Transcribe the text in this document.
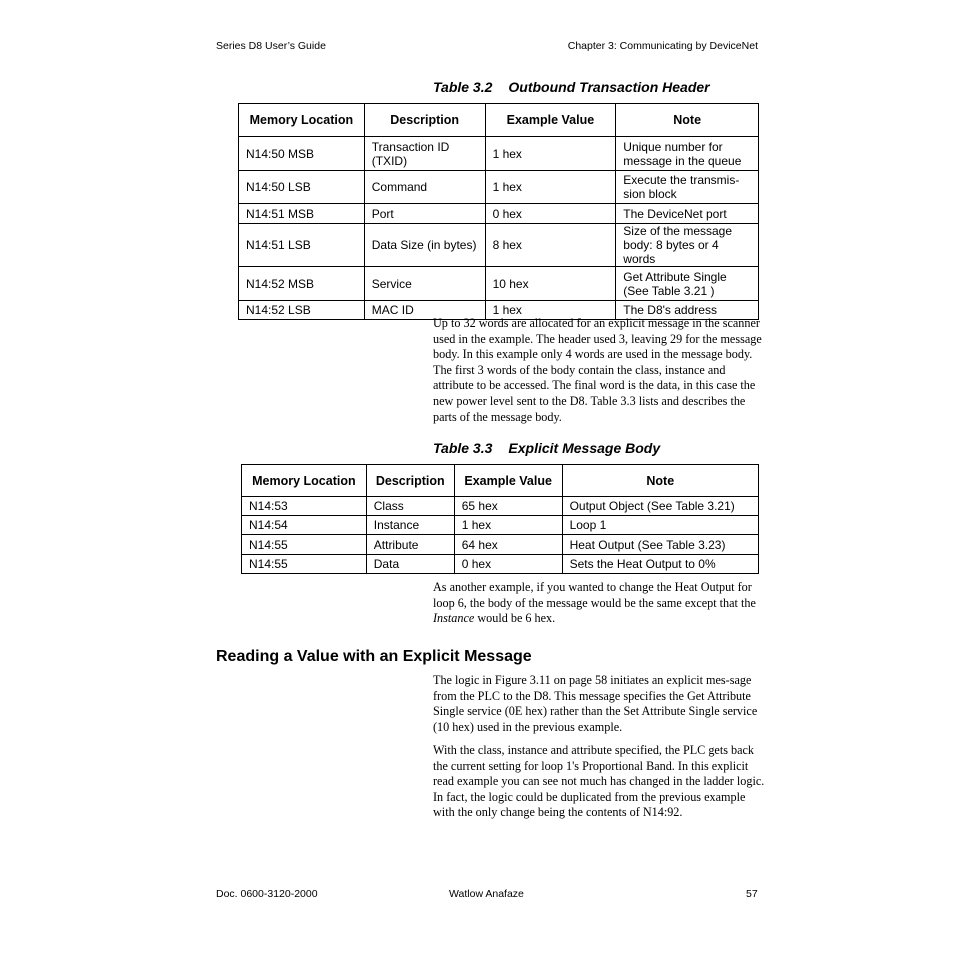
Series D8 User’s Guide	Chapter 3: Communicating by DeviceNet
Table 3.2 Outbound Transaction Header
Memory Location	Description	Example Value	Note
N14:50 MSB	Transaction ID (TXID)	1 hex	Unique number for message in the queue
N14:50 LSB	Command	1 hex	Execute the transmis-sion block
N14:51 MSB	Port	0 hex	The DeviceNet port
N14:51 LSB	Data Size (in bytes)	8 hex	Size of the message body: 8 bytes or 4 words
N14:52 MSB	Service	10 hex	Get Attribute Single (See Table 3.21 )
N14:52 LSB	MAC ID	1 hex	The D8's address
Up to 32 words are allocated for an explicit message in the scanner used in the example. The header used 3, leaving 29 for the message body. In this example only 4 words are used in the message body. The first 3 words of the body contain the class, instance and attribute to be accessed. The final word is the data, in this case the new power level sent to the D8. Table 3.3 lists and describes the parts of the message body.
Table 3.3 Explicit Message Body
Memory Location	Description	Example Value	Note
N14:53	Class	65 hex	Output Object (See Table 3.21)
N14:54	Instance	1 hex	Loop 1
N14:55	Attribute	64 hex	Heat Output (See Table 3.23)
N14:55	Data	0 hex	Sets the Heat Output to 0%
As another example, if you wanted to change the Heat Output for loop 6, the body of the message would be the same except that the Instance would be 6 hex.
Reading a Value with an Explicit Message
The logic in Figure 3.11 on page 58 initiates an explicit mes-sage from the PLC to the D8. This message specifies the Get Attribute Single service (0E hex) rather than the Set Attribute Single service (10 hex) used in the previous example.
With the class, instance and attribute specified, the PLC gets back the current setting for loop 1's Proportional Band. In this explicit read example you can see not much has changed in the ladder logic. In fact, the logic could be duplicated from the previous example with the only change being the contents of N14:92.
Doc. 0600-3120-2000	Watlow Anafaze	57
